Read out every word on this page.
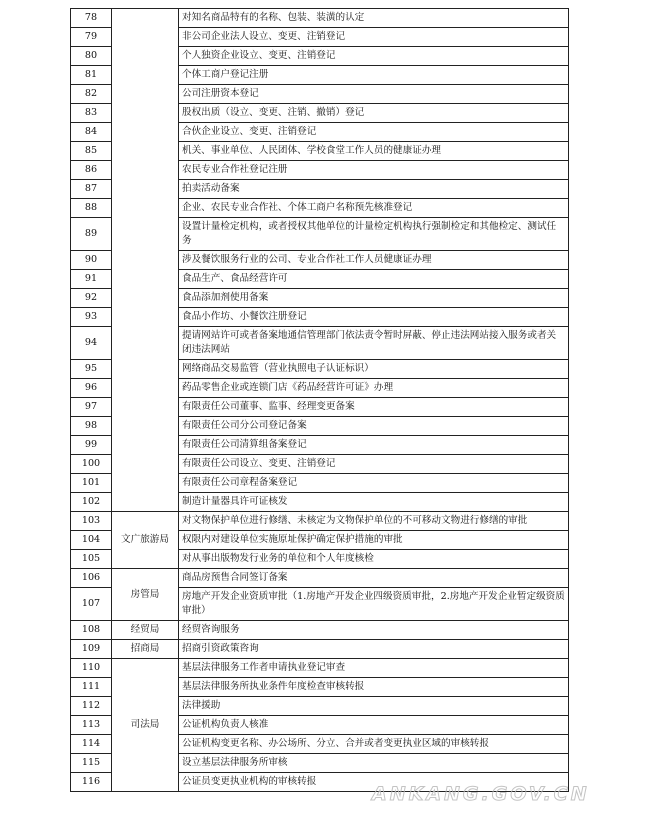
78		对知名商品特有的名称、包装、装潢的认定
79		非公司企业法人设立、变更、注销登记
80		个人独资企业设立、变更、注销登记
81		个体工商户登记注册
82		公司注册资本登记
83		股权出质（设立、变更、注销、撤销）登记
84		合伙企业设立、变更、注销登记
85		机关、事业单位、人民团体、学校食堂工作人员的健康证办理
86		农民专业合作社登记注册
87		拍卖活动备案
88		企业、农民专业合作社、个体工商户名称预先核准登记
89		设置计量检定机构，或者授权其他单位的计量检定机构执行强制检定和其他检定、测试任务
90		涉及餐饮服务行业的公司、专业合作社工作人员健康证办理
91		食品生产、食品经营许可
92		食品添加剂使用备案
93		食品小作坊、小餐饮注册登记
94		提请网站许可或者备案地通信管理部门依法责令暂时屏蔽、停止违法网站接入服务或者关闭违法网站
95		网络商品交易监管（营业执照电子认证标识）
96		药品零售企业或连锁门店《药品经营许可证》办理
97		有限责任公司董事、监事、经理变更备案
98		有限责任公司分公司登记备案
99		有限责任公司清算组备案登记
100		有限责任公司设立、变更、注销登记
101		有限责任公司章程备案登记
102		制造计量器具许可证核发
103	文广旅游局	对文物保护单位进行修缮、未核定为文物保护单位的不可移动文物进行修缮的审批
104		权限内对建设单位实施原址保护确定保护措施的审批
105		对从事出版物发行业务的单位和个人年度核检
106	房管局	商品房预售合同签订备案
107		房地产开发企业资质审批（1.房地产开发企业四级资质审批，2.房地产开发企业暂定级资质审批）
108	经贸局	经贸咨询服务
109	招商局	招商引资政策咨询
110	司法局	基层法律服务工作者申请执业登记审查
111		基层法律服务所执业条件年度检查审核转报
112		法律援助
113		公证机构负责人核准
114		公证机构变更名称、办公场所、分立、合并或者变更执业区域的审核转报
115		设立基层法律服务所审核
116		公证员变更执业机构的审核转报
ANKANG.GOV.CN
